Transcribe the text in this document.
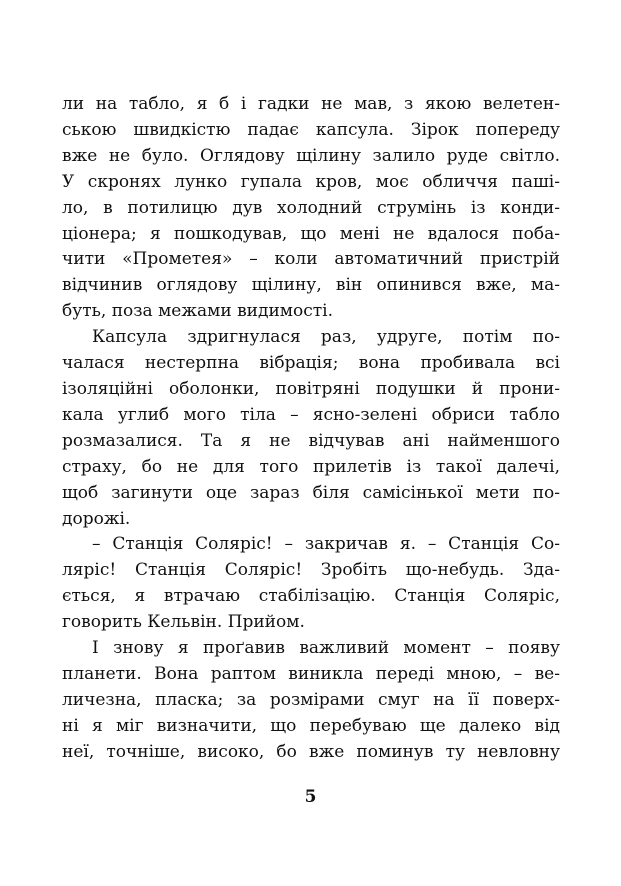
ли на табло, я б і гадки не мав, з якою велетен-
ською швидкістю падає капсула. Зірок попереду
вже не було. Оглядову щілину залило руде світло.
У скронях лунко гупала кров, моє обличчя пашi-
ло, в потилицю дув холодний струмінь із конди-
ціонера; я пошкодував, що мені не вдалося поба-
чити «Прометея» – коли автоматичний пристрій
відчинив оглядову щілину, він опинився вже, ма-
буть, поза межами видимості.
Капсула здригнулася раз, удруге, потім по-
чалася нестерпна вібрація; вона пробивала всі
ізоляційні оболонки, повітряні подушки й прони-
кала углиб мого тіла – ясно-зелені обриси табло
розмазалися. Та я не відчував ані найменшого
страху, бо не для того прилетів із такої далечі,
щоб загинути оце зараз біля самісінької мети по-
дорожі.
– Станція Соляріс! – закричав я. – Станція Со-
ляріс! Станція Соляріс! Зробіть що-небудь. Зда-
ється, я втрачаю стабілізацію. Станція Соляріс,
говорить Кельвін. Прийом.
І знову я проґавив важливий момент – появу
планети. Вона раптом виникла переді мною, – ве-
личезна, пласка; за розмірами смуг на її поверх-
ні я міг визначити, що перебуваю ще далеко від
неї, точніше, високо, бо вже поминув ту невловну
5
